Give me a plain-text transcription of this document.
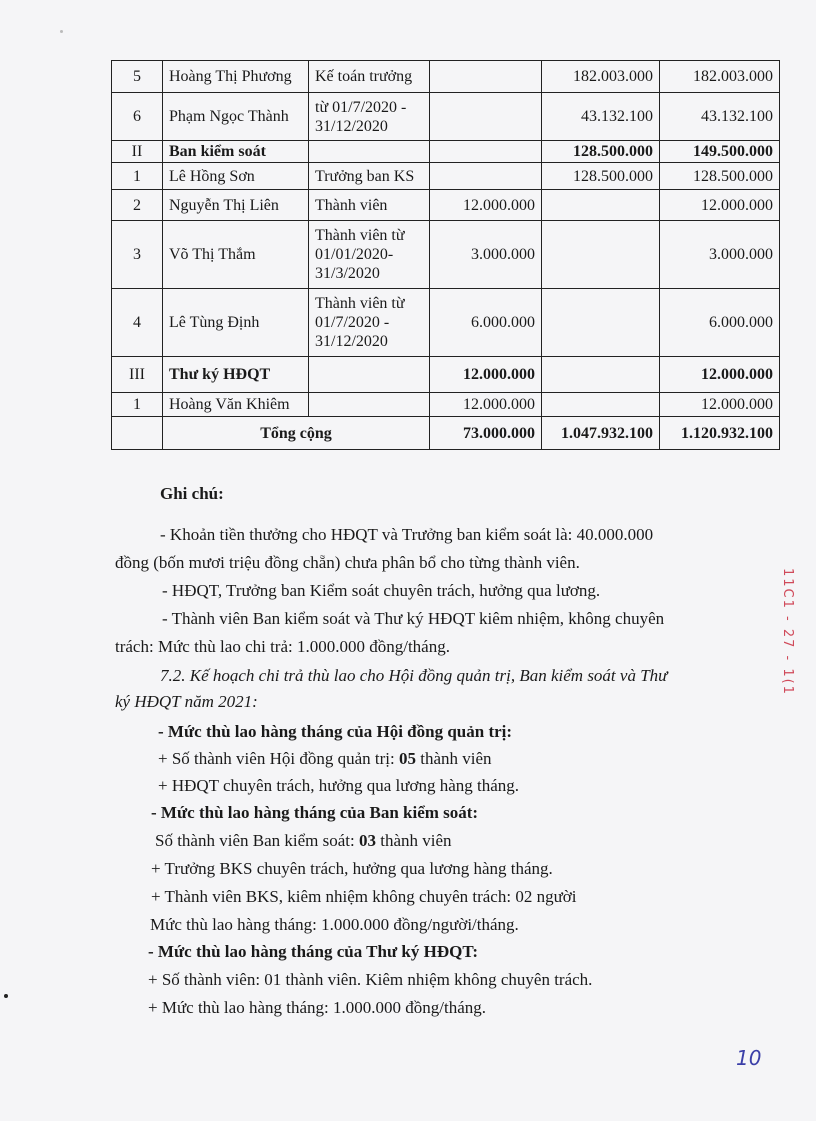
5	Hoàng Thị Phương	Kế toán trưởng		182.003.000	182.003.000
6	Phạm Ngọc Thành	từ 01/7/2020 - 31/12/2020		43.132.100	43.132.100
II	Ban kiểm soát			128.500.000	149.500.000
1	Lê Hồng Sơn	Trưởng ban KS		128.500.000	128.500.000
2	Nguyễn Thị Liên	Thành viên	12.000.000		12.000.000
3	Võ Thị Thắm	Thành viên từ 01/01/2020-31/3/2020	3.000.000		3.000.000
4	Lê Tùng Định	Thành viên từ 01/7/2020 - 31/12/2020	6.000.000		6.000.000
III	Thư ký HĐQT		12.000.000		12.000.000
1	Hoàng Văn Khiêm		12.000.000		12.000.000
	Tổng cộng		73.000.000	1.047.932.100	1.120.932.100
Ghi chú:
- Khoản tiền thưởng cho HĐQT và Trưởng ban kiểm soát là: 40.000.000
đồng (bốn mươi triệu đồng chẵn) chưa phân bổ cho từng thành viên.
- HĐQT, Trưởng ban Kiểm soát chuyên trách, hưởng qua lương.
- Thành viên Ban kiểm soát và Thư ký HĐQT kiêm nhiệm, không chuyên
trách: Mức thù lao chi trả: 1.000.000 đồng/tháng.
7.2. Kế hoạch chi trả thù lao cho Hội đồng quản trị, Ban kiểm soát và Thư
ký HĐQT năm 2021:
- Mức thù lao hàng tháng của Hội đồng quản trị:
+ Số thành viên Hội đồng quản trị: 05 thành viên
+ HĐQT chuyên trách, hưởng qua lương hàng tháng.
- Mức thù lao hàng tháng của Ban kiểm soát:
Số thành viên Ban kiểm soát: 03 thành viên
+ Trưởng BKS chuyên trách, hưởng qua lương hàng tháng.
+ Thành viên BKS, kiêm nhiệm không chuyên trách: 02 người
Mức thù lao hàng tháng: 1.000.000 đồng/người/tháng.
- Mức thù lao hàng tháng của Thư ký HĐQT:
+ Số thành viên: 01 thành viên. Kiêm nhiệm không chuyên trách.
+ Mức thù lao hàng tháng: 1.000.000 đồng/tháng.
10
11C1 - 27 - 1(1
